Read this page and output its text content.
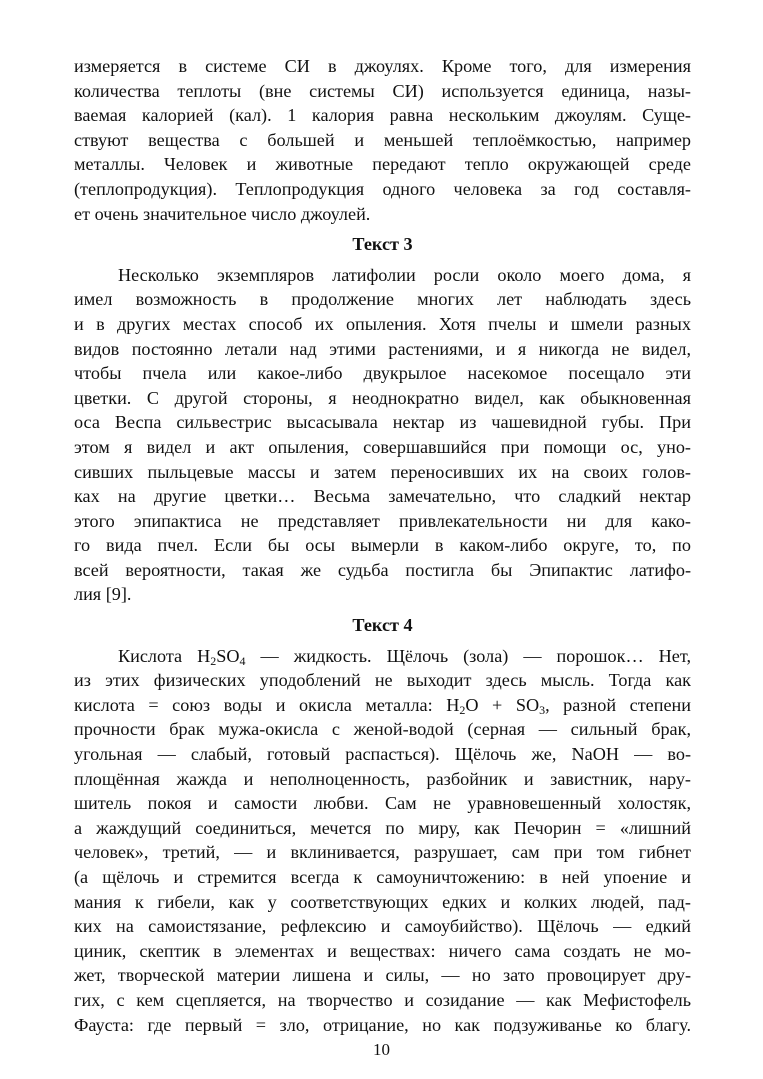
измеряется в системе СИ в джоулях. Кроме того, для измерения
количества теплоты (вне системы СИ) используется единица, назы-
ваемая калорией (кал). 1 калория равна нескольким джоулям. Суще-
ствуют вещества с большей и меньшей теплоёмкостью, например
металлы. Человек и животные передают тепло окружающей среде
(теплопродукция). Теплопродукция одного человека за год составля-
ет очень значительное число джоулей.
Текст 3
Несколько экземпляров латифолии росли около моего дома, я
имел возможность в продолжение многих лет наблюдать здесь
и в других местах способ их опыления. Хотя пчелы и шмели разных
видов постоянно летали над этими растениями, и я никогда не видел,
чтобы пчела или какое-либо двукрылое насекомое посещало эти
цветки. С другой стороны, я неоднократно видел, как обыкновенная
оса Веспа сильвестрис высасывала нектар из чашевидной губы. При
этом я видел и акт опыления, совершавшийся при помощи ос, уно-
сивших пыльцевые массы и затем переносивших их на своих голов-
ках на другие цветки… Весьма замечательно, что сладкий нектар
этого эпипактиса не представляет привлекательности ни для како-
го вида пчел. Если бы осы вымерли в каком-либо округе, то, по
всей вероятности, такая же судьба постигла бы Эпипактис латифо-
лия [9].
Текст 4
Кислота $H_2SO_4$ — жидкость. Щёлочь (зола) — порошок… Нет,
из этих физических уподоблений не выходит здесь мысль. Тогда как
кислота = союз воды и окисла металла: $H_2O + SO_3$, разной степени
прочности брак мужа-окисла с женой-водой (серная — сильный брак,
угольная — слабый, готовый распасться). Щёлочь же, NaOH — во-
площённая жажда и неполноценность, разбойник и завистник, нару-
шитель покоя и самости любви. Сам не уравновешенный холостяк,
а жаждущий соединиться, мечется по миру, как Печорин = «лишний
человек», третий, — и вклинивается, разрушает, сам при том гибнет
(а щёлочь и стремится всегда к самоуничтожению: в ней упоение и
мания к гибели, как у соответствующих едких и колких людей, пад-
ких на самоистязание, рефлексию и самоубийство). Щёлочь — едкий
циник, скептик в элементах и веществах: ничего сама создать не мо-
жет, творческой материи лишена и силы, — но зато провоцирует дру-
гих, с кем сцепляется, на творчество и созидание — как Мефистофель
Фауста: где первый = зло, отрицание, но как подзуживанье ко благу.
10
